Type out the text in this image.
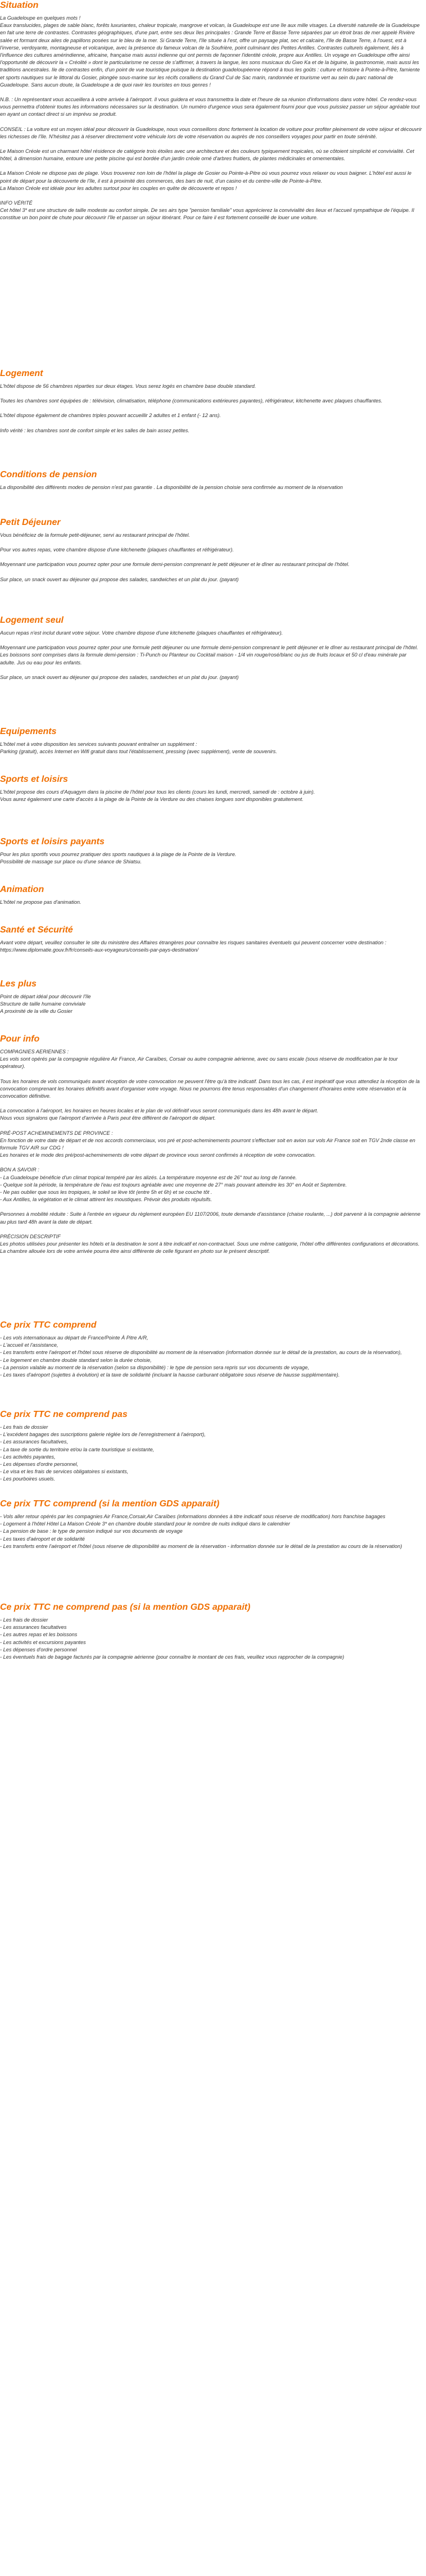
Situation

La Guadeloupe en quelques mots !
Eaux translucides, plages de sable blanc, forêts luxuriantes, chaleur tropicale, mangrove et volcan, la Guadeloupe est une île aux mille visages. La diversité naturelle de la Guadeloupe en fait une terre de contrastes. Contrastes géographiques, d'une part, entre ses deux îles principales : Grande Terre et Basse Terre séparées par un étroit bras de mer appelé Rivière salée et formant deux ailes de papillons posées sur le bleu de la mer. Si Grande Terre, l'île située à l'est, offre un paysage plat, sec et calcaire, l'île de Basse Terre, à l'ouest, est à l'inverse, verdoyante, montagneuse et volcanique, avec la présence du fameux volcan de la Soufrière, point culminant des Petites Antilles. Contrastes culturels également, liés à l'influence des cultures amérindienne, africaine, française mais aussi indienne qui ont permis de façonner l'identité créole, propre aux Antilles. Un voyage en Guadeloupe offre ainsi l'opportunité de découvrir la « Créolité » dont le particularisme ne cesse de s'affirmer, à travers la langue, les sons musicaux du Gwo Ka et de la biguine, la gastronomie, mais aussi les traditions ancestrales. Ile de contrastes enfin, d'un point de vue touristique puisque la destination guadeloupéenne répond à tous les goûts : culture et histoire à Pointe-à-Pitre, farniente et sports nautiques sur le littoral du Gosier, plongée sous-marine sur les récifs coralliens du Grand Cul de Sac marin, randonnée et tourisme vert au sein du parc national de Guadeloupe. Sans aucun doute, la Guadeloupe a de quoi ravir les touristes en tous genres !

N.B. : Un représentant vous accueillera à votre arrivée à l'aéroport. Il vous guidera et vous transmettra la date et l'heure de sa réunion d'informations dans votre hôtel. Ce rendez-vous vous permettra d'obtenir toutes les informations nécessaires sur la destination. Un numéro d'urgence vous sera également fourni pour que vous puissiez passer un séjour agréable tout en ayant un contact direct si un imprévu se produit.

CONSEIL : La voiture est un moyen idéal pour découvrir la Guadeloupe, nous vous conseillons donc fortement la location de voiture pour profiter pleinement de votre séjour et découvrir les richesses de l'île. N'hésitez pas à réserver directement votre véhicule lors de votre réservation ou auprès de nos conseillers voyages pour partir en toute sérénité.

Le Maison Créole est un charmant hôtel résidence de catégorie trois étoiles avec une architecture et des couleurs typiquement tropicales, où se côtoient simplicité et convivialité. Cet hôtel, à dimension humaine, entoure une petite piscine qui est bordée d'un jardin créole orné d'arbres fruitiers, de plantes médicinales et ornementales.

La Maison Créole ne dispose pas de plage. Vous trouverez non loin de l'hôtel la plage de Gosier ou Pointe-à-Pitre où vous pourrez vous relaxer ou vous baigner. L'hôtel est aussi le point de départ pour la découverte de l'île, il est à proximité des commerces, des bars de nuit, d'un casino et du centre-ville de Pointe-à-Pitre.
La Maison Créole est idéale pour les adultes surtout pour les couples en quête de découverte et repos !

INFO VÉRITÉ
Cet hôtel 3* est une structure de taille modeste au confort simple. De ses airs type "pension familiale" vous apprécierez la convivialité des lieux et l'accueil sympathique de l'équipe. Il constitue un bon point de chute pour découvrir l'île et passer un séjour itinérant. Pour ce faire il est fortement conseillé de louer une voiture.

Logement

L'hôtel dispose de 56 chambres réparties sur deux étages. Vous serez logés en chambre base double standard.

Toutes les chambres sont équipées de : télévision, climatisation, téléphone (communications extérieures payantes), réfrigérateur, kitchenette avec plaques chauffantes.

L'hôtel dispose également de chambres triples pouvant accueillir 2 adultes et 1 enfant (- 12 ans).

Info vérité : les chambres sont de confort simple et les salles de bain assez petites.

Conditions de pension

La disponibilité des différents modes de pension n'est pas garantie . La disponibilité de la pension choisie sera confirmée au moment de la réservation

Petit Déjeuner

Vous bénéficiez de la formule petit-déjeuner, servi au restaurant principal de l'hôtel.

Pour vos autres repas, votre chambre dispose d'une kitchenette (plaques chauffantes et réfrigérateur).

Moyennant une participation vous pourrez opter pour une formule demi-pension comprenant le petit déjeuner et le dîner au restaurant principal de l'hôtel.

Sur place, un snack ouvert au déjeuner qui propose des salades, sandwiches et un plat du jour. (payant)

Logement seul

Aucun repas n'est inclut durant votre séjour. Votre chambre dispose d'une kitchenette (plaques chauffantes et réfrigérateur).

Moyennant une participation vous pourrez opter pour une formule petit déjeuner ou une formule demi-pension comprenant le petit déjeuner et le dîner au restaurant principal de l'hôtel.
Les boissons sont comprises dans la formule demi-pension : Ti-Punch ou Planteur ou Cocktail maison - 1/4 vin rouge/rosé/blanc ou jus de fruits locaux et 50 cl d'eau minérale par adulte. Jus ou eau pour les enfants.

Sur place, un snack ouvert au déjeuner qui propose des salades, sandwiches et un plat du jour. (payant)

Equipements

L'hôtel met à votre disposition les services suivants pouvant entraîner un supplément :
Parking (gratuit), accès Internet en Wifi gratuit dans tout l'établissement, pressing (avec supplément), vente de souvenirs.

Sports et loisirs

L'hôtel propose des cours d'Aquagym dans la piscine de l'hôtel pour tous les clients (cours les lundi, mercredi, samedi de : octobre à juin).
Vous aurez également une carte d'accès à la plage de la Pointe de la Verdure ou des chaises longues sont disponibles gratuitement.

Sports et loisirs payants

Pour les plus sportifs vous pourrez pratiquer des sports nautiques à la plage de la Pointe de la Verdure.
Possibilité de massage sur place ou d'une séance de Shiatsu.

Animation

L'hôtel ne propose pas d'animation.

Santé et Sécurité

Avant votre départ, veuillez consulter le site du ministère des Affaires étrangères pour connaître les risques sanitaires éventuels qui peuvent concerner votre destination : https://www.diplomatie.gouv.fr/fr/conseils-aux-voyageurs/conseils-par-pays-destination/

Les plus

Point de départ idéal pour découvrir l'île
Structure de taille humaine conviviale
A proximité de la ville du Gosier

Pour info

COMPAGNIES AERIENNES :
Les vols sont opérés par la compagnie régulière Air France, Air Caraïbes, Corsair ou autre compagnie aérienne, avec ou sans escale (sous réserve de modification par le tour opérateur).

Tous les horaires de vols communiqués avant réception de votre convocation ne peuvent l'être qu'à titre indicatif. Dans tous les cas, il est impératif que vous attendiez la réception de la convocation comprenant les horaires définitifs avant d'organiser votre voyage. Nous ne pourrons être tenus responsables d'un changement d'horaires entre votre réservation et la convocation définitive.

La convocation à l'aéroport, les horaires en heures locales et le plan de vol définitif vous seront communiqués dans les 48h avant le départ.
Nous vous signalons que l'aéroport d'arrivée à Paris peut être différent de l'aéroport de départ.

PRÉ-POST ACHEMINEMENTS DE PROVINCE :
En fonction de votre date de départ et de nos accords commerciaux, vos pré et post-acheminements pourront s'effectuer soit en avion sur vols Air France soit en TGV 2nde classe en formule TGV AIR sur CDG !
Les horaires et le mode des pré/post-acheminements de votre départ de province vous seront confirmés à réception de votre convocation.

BON A SAVOIR :
- La Guadeloupe bénéficie d'un climat tropical tempéré par les alizés. La température moyenne est de 26° tout au long de l'année.
- Quelque soit la période, la température de l'eau est toujours agréable avec une moyenne de 27° mais pouvant atteindre les 30° en Août et Septembre.
- Ne pas oublier que sous les tropiques, le soleil se lève tôt (entre 5h et 6h) et se couche tôt .
- Aux Antilles, la végétation et le climat attirent les moustiques. Prévoir des produits répulsifs.

Personnes à mobilité réduite : Suite à l'entrée en vigueur du règlement européen EU 1107/2006, toute demande d'assistance (chaise roulante, ...) doit parvenir à la compagnie aérienne au plus tard 48h avant la date de départ.

PRÉCISION DESCRIPTIF
Les photos utilisées pour présenter les hôtels et la destination le sont à titre indicatif et non-contractuel. Sous une même catégorie, l'hôtel offre différentes configurations et décorations. La chambre allouée lors de votre arrivée pourra être ainsi différente de celle figurant en photo sur le présent descriptif.

Ce prix TTC comprend

- Les vols internationaux au départ de France/Pointe À Pitre A/R,
- L'accueil et l'assistance,
- Les transferts entre l'aéroport et l'hôtel sous réserve de disponibilité au moment de la réservation (information donnée sur le détail de la prestation, au cours de la réservation),
- Le logement en chambre double standard selon la durée choisie,
- La pension valable au moment de la réservation (selon sa disponibilité) : le type de pension sera repris sur vos documents de voyage,
- Les taxes d'aéroport (sujettes à évolution) et la taxe de solidarité (incluant la hausse carburant obligatoire sous réserve de hausse supplémentaire).

Ce prix TTC ne comprend pas

- Les frais de dossier
- L'excédent bagages des suscriptions galerie réglée lors de l'enregistrement à l'aéroport),
- Les assurances facultatives,
- La taxe de sortie du territoire et/ou la carte touristique si existante,
- Les activités payantes,
- Les dépenses d'ordre personnel,
- Le visa et les frais de services obligatoires si existants,
- Les pourboires usuels.

Ce prix TTC comprend (si la mention GDS apparait)

- Vols aller retour opérés par les compagnies Air France,Corsair,Air Caraïbes (informations données à titre indicatif sous réserve de modification) hors franchise bagages
- Logement à l'hôtel Hôtel La Maison Créole 3* en chambre double standard pour le nombre de nuits indiqué dans le calendrier
- La pension de base : le type de pension indiqué sur vos documents de voyage
- Les taxes d'aéroport et de solidarité
- Les transferts entre l'aéroport et l'hôtel (sous réserve de disponibilité au moment de la réservation - information donnée sur le détail de la prestation au cours de la réservation)

Ce prix TTC ne comprend pas (si la mention GDS apparait)

- Les frais de dossier
- Les assurances facultatives
- Les autres repas et les boissons
- Les activités et excursions payantes
- Les dépenses d'ordre personnel
- Les éventuels frais de bagage facturés par la compagnie aérienne (pour connaître le montant de ces frais, veuillez vous rapprocher de la compagnie)
